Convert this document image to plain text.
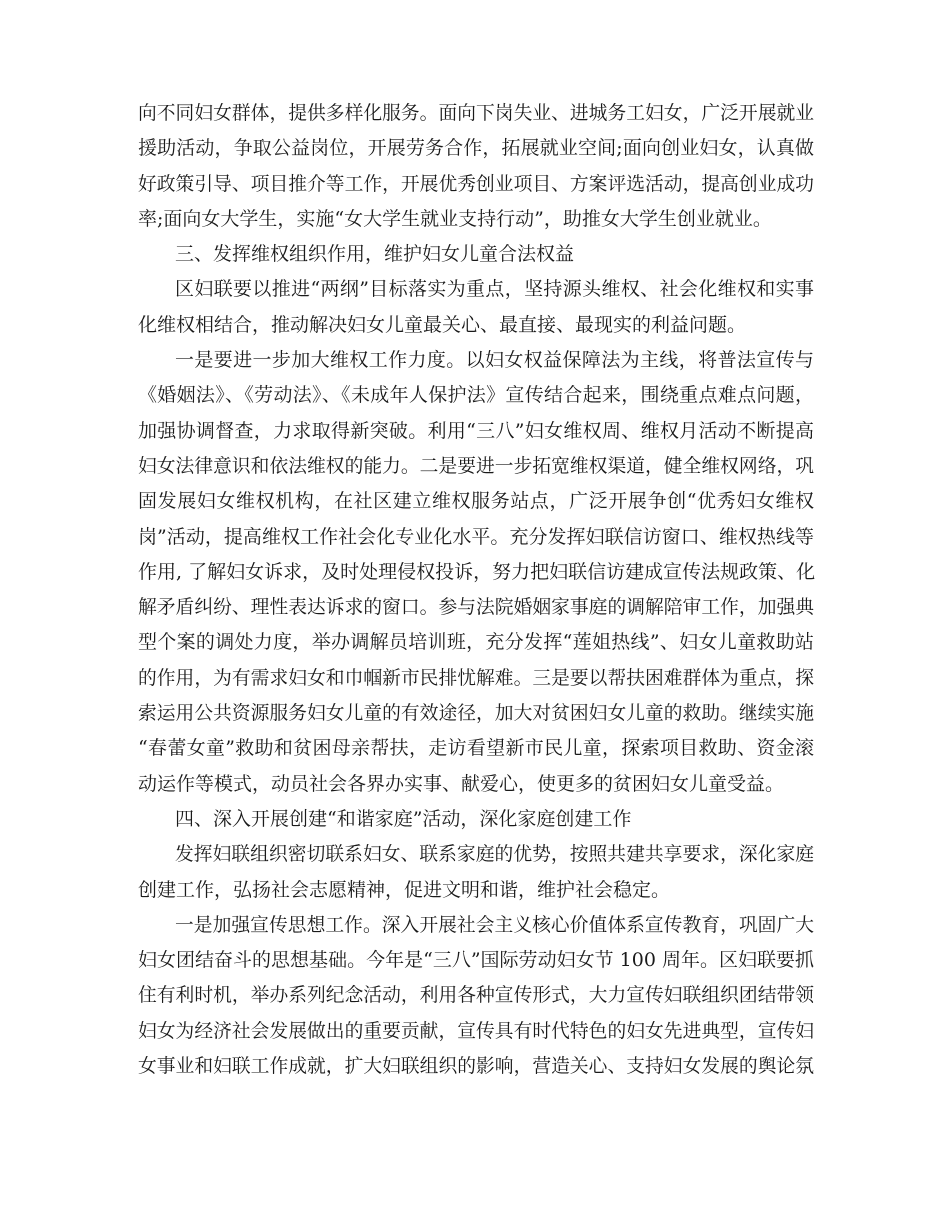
向不同妇女群体，提供多样化服务。面向下岗失业、进城务工妇女，广泛开展就业
援助活动，争取公益岗位，开展劳务合作，拓展就业空间;面向创业妇女，认真做
好政策引导、项目推介等工作，开展优秀创业项目、方案评选活动，提高创业成功
率;面向女大学生，实施“女大学生就业支持行动”，助推女大学生创业就业。
三、发挥维权组织作用，维护妇女儿童合法权益
区妇联要以推进“两纲”目标落实为重点，坚持源头维权、社会化维权和实事
化维权相结合，推动解决妇女儿童最关心、最直接、最现实的利益问题。
一是要进一步加大维权工作力度。以妇女权益保障法为主线，将普法宣传与
《婚姻法》、《劳动法》、《未成年人保护法》宣传结合起来，围绕重点难点问题，
加强协调督查，力求取得新突破。利用“三八”妇女维权周、维权月活动不断提高
妇女法律意识和依法维权的能力。二是要进一步拓宽维权渠道，健全维权网络，巩
固发展妇女维权机构，在社区建立维权服务站点，广泛开展争创“优秀妇女维权
岗”活动，提高维权工作社会化专业化水平。充分发挥妇联信访窗口、维权热线等
作用, 了解妇女诉求，及时处理侵权投诉，努力把妇联信访建成宣传法规政策、化
解矛盾纠纷、理性表达诉求的窗口。参与法院婚姻家事庭的调解陪审工作，加强典
型个案的调处力度，举办调解员培训班，充分发挥“莲姐热线”、妇女儿童救助站
的作用，为有需求妇女和巾帼新市民排忧解难。三是要以帮扶困难群体为重点，探
索运用公共资源服务妇女儿童的有效途径，加大对贫困妇女儿童的救助。继续实施
“春蕾女童”救助和贫困母亲帮扶，走访看望新市民儿童，探索项目救助、资金滚
动运作等模式，动员社会各界办实事、献爱心，使更多的贫困妇女儿童受益。
四、深入开展创建“和谐家庭”活动，深化家庭创建工作
发挥妇联组织密切联系妇女、联系家庭的优势，按照共建共享要求，深化家庭
创建工作，弘扬社会志愿精神，促进文明和谐，维护社会稳定。
一是加强宣传思想工作。深入开展社会主义核心价值体系宣传教育，巩固广大
妇女团结奋斗的思想基础。今年是“三八”国际劳动妇女节 100 周年。区妇联要抓
住有利时机，举办系列纪念活动，利用各种宣传形式，大力宣传妇联组织团结带领
妇女为经济社会发展做出的重要贡献，宣传具有时代特色的妇女先进典型，宣传妇
女事业和妇联工作成就，扩大妇联组织的影响，营造关心、支持妇女发展的舆论氛
